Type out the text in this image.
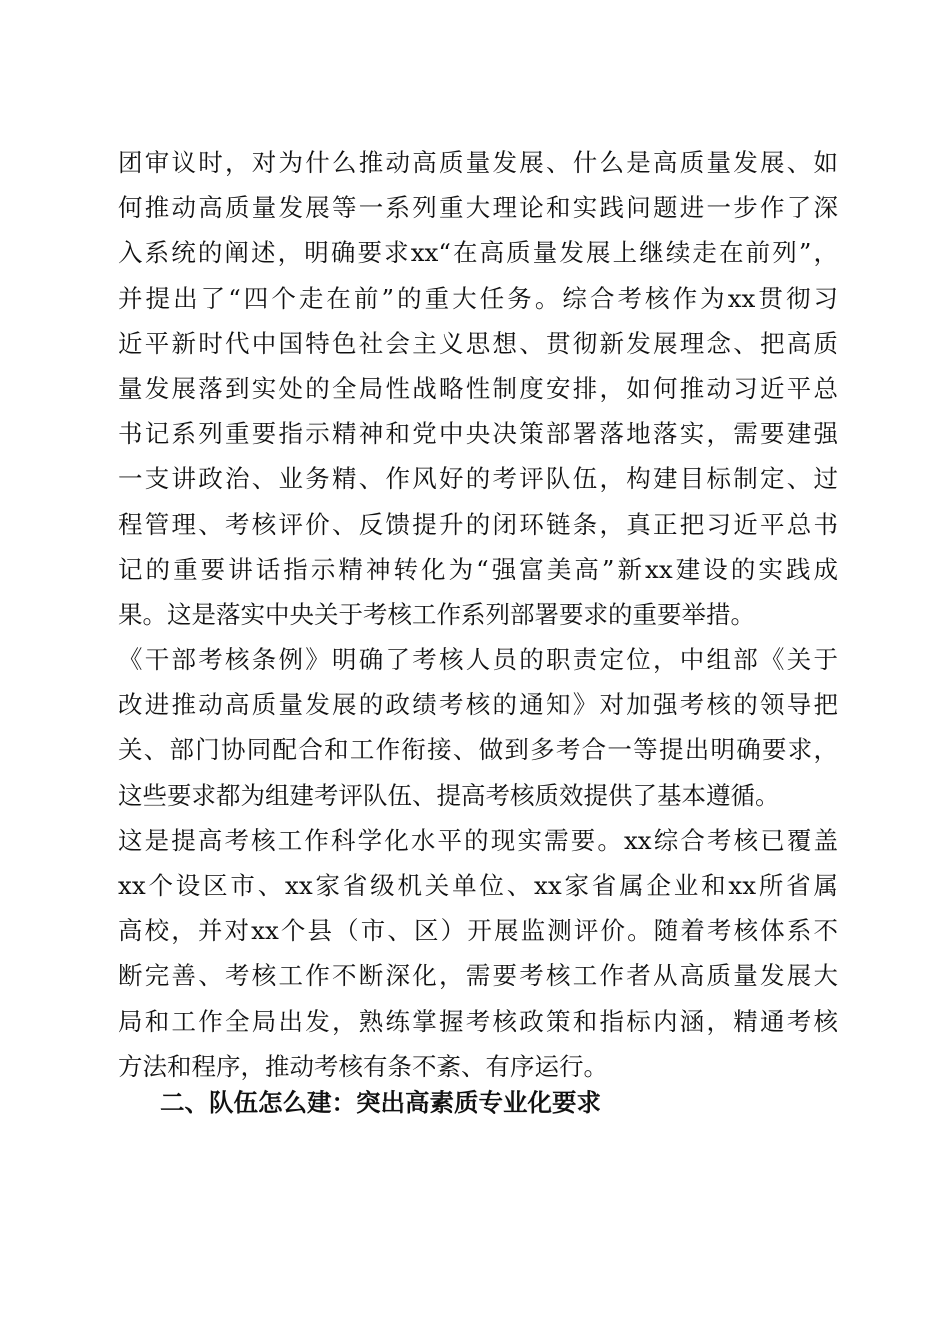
团审议时，对为什么推动高质量发展、什么是高质量发展、如
何推动高质量发展等一系列重大理论和实践问题进一步作了深
入系统的阐述，明确要求xx“在高质量发展上继续走在前列”，
并提出了“四个走在前”的重大任务。综合考核作为xx贯彻习
近平新时代中国特色社会主义思想、贯彻新发展理念、把高质
量发展落到实处的全局性战略性制度安排，如何推动习近平总
书记系列重要指示精神和党中央决策部署落地落实，需要建强
一支讲政治、业务精、作风好的考评队伍，构建目标制定、过
程管理、考核评价、反馈提升的闭环链条，真正把习近平总书
记的重要讲话指示精神转化为“强富美高”新xx建设的实践成
果。这是落实中央关于考核工作系列部署要求的重要举措。
《干部考核条例》明确了考核人员的职责定位，中组部《关于
改进推动高质量发展的政绩考核的通知》对加强考核的领导把
关、部门协同配合和工作衔接、做到多考合一等提出明确要求，
这些要求都为组建考评队伍、提高考核质效提供了基本遵循。
这是提高考核工作科学化水平的现实需要。xx综合考核已覆盖
xx个设区市、xx家省级机关单位、xx家省属企业和xx所省属
高校，并对xx个县（市、区）开展监测评价。随着考核体系不
断完善、考核工作不断深化，需要考核工作者从高质量发展大
局和工作全局出发，熟练掌握考核政策和指标内涵，精通考核
方法和程序，推动考核有条不紊、有序运行。
二、队伍怎么建：突出高素质专业化要求
